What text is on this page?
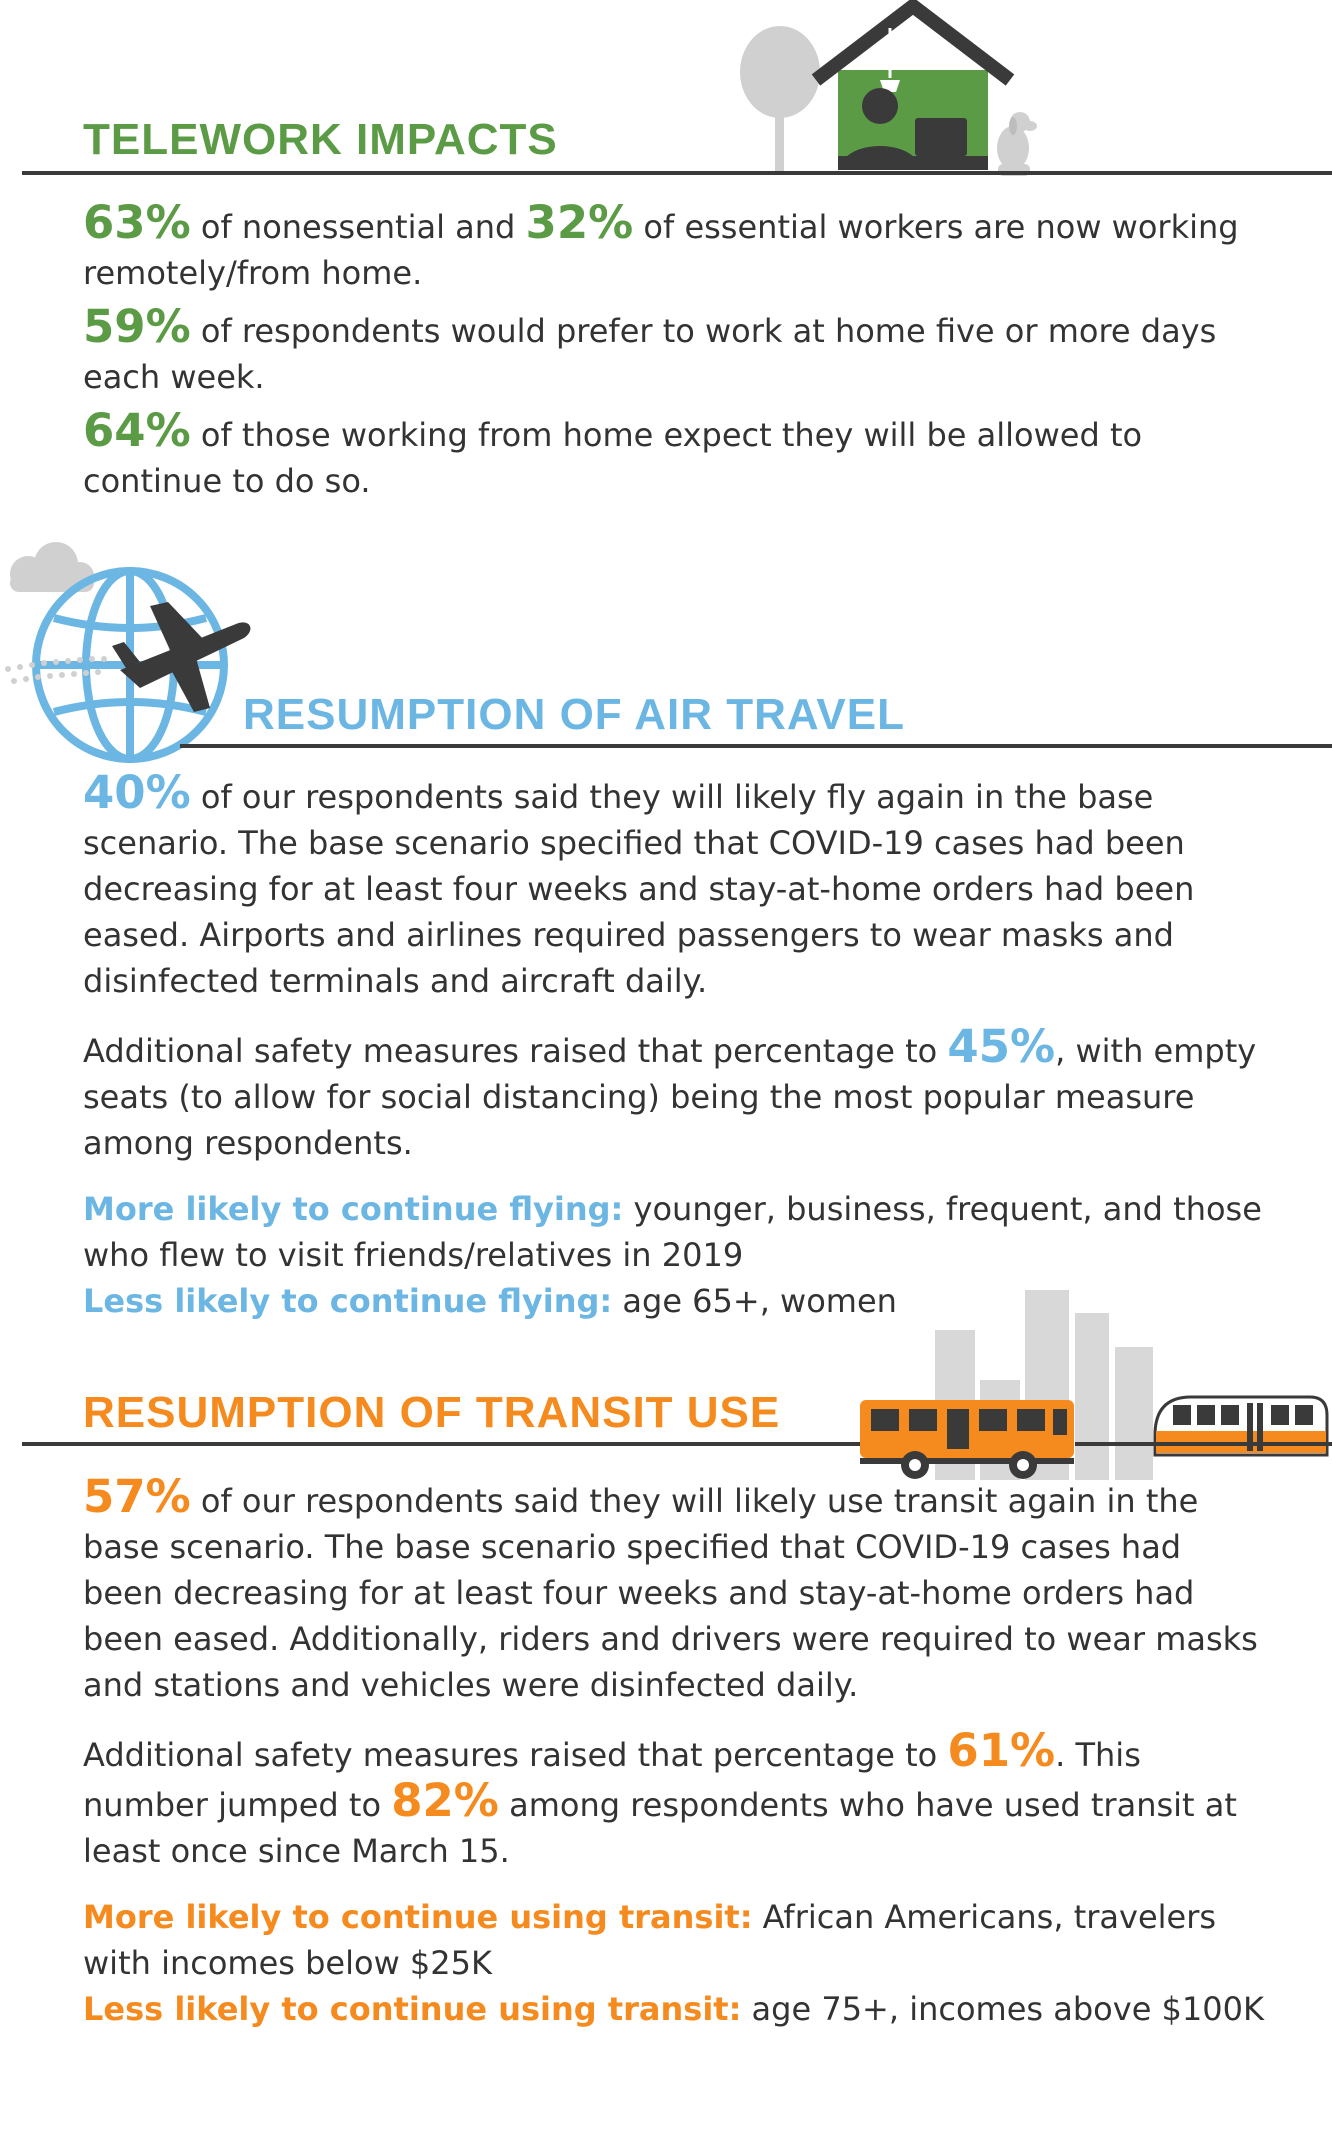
TELEWORK IMPACTS

63% of nonessential and 32% of essential workers are now working remotely/from home.

59% of respondents would prefer to work at home five or more days each week.

64% of those working from home expect they will be allowed to continue to do so.

RESUMPTION OF AIR TRAVEL

40% of our respondents said they will likely fly again in the base scenario. The base scenario specified that COVID-19 cases had been decreasing for at least four weeks and stay-at-home orders had been eased. Airports and airlines required passengers to wear masks and disinfected terminals and aircraft daily.

Additional safety measures raised that percentage to 45%, with empty seats (to allow for social distancing) being the most popular measure among respondents.

More likely to continue flying: younger, business, frequent, and those who flew to visit friends/relatives in 2019

Less likely to continue flying: age 65+, women

RESUMPTION OF TRANSIT USE

57% of our respondents said they will likely use transit again in the base scenario. The base scenario specified that COVID-19 cases had been decreasing for at least four weeks and stay-at-home orders had been eased. Additionally, riders and drivers were required to wear masks and stations and vehicles were disinfected daily.

Additional safety measures raised that percentage to 61%. This number jumped to 82% among respondents who have used transit at least once since March 15.

More likely to continue using transit: African Americans, travelers with incomes below $25K

Less likely to continue using transit: age 75+, incomes above $100K
